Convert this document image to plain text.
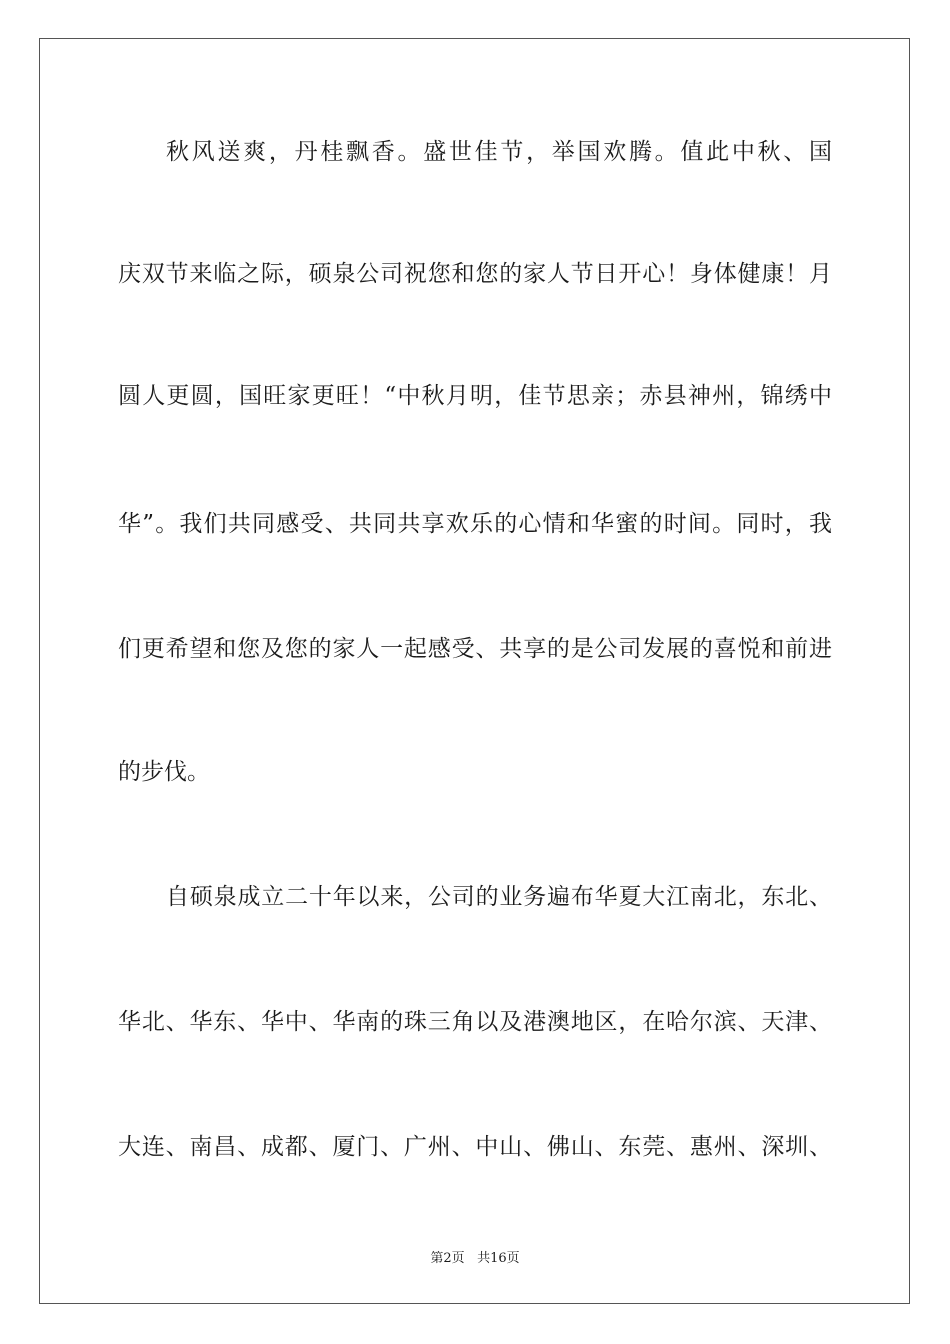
秋风送爽，丹桂飘香。盛世佳节，举国欢腾。值此中秋、国
庆双节来临之际，硕泉公司祝您和您的家人节日开心！身体健康！月
圆人更圆，国旺家更旺！“中秋月明，佳节思亲；赤县神州，锦绣中
华”。我们共同感受、共同共享欢乐的心情和华蜜的时间。同时，我
们更希望和您及您的家人一起感受、共享的是公司发展的喜悦和前进
的步伐。
自硕泉成立二十年以来，公司的业务遍布华夏大江南北，东北、
华北、华东、华中、华南的珠三角以及港澳地区，在哈尔滨、天津、
大连、南昌、成都、厦门、广州、中山、佛山、东莞、惠州、深圳、
第2页 共16页
